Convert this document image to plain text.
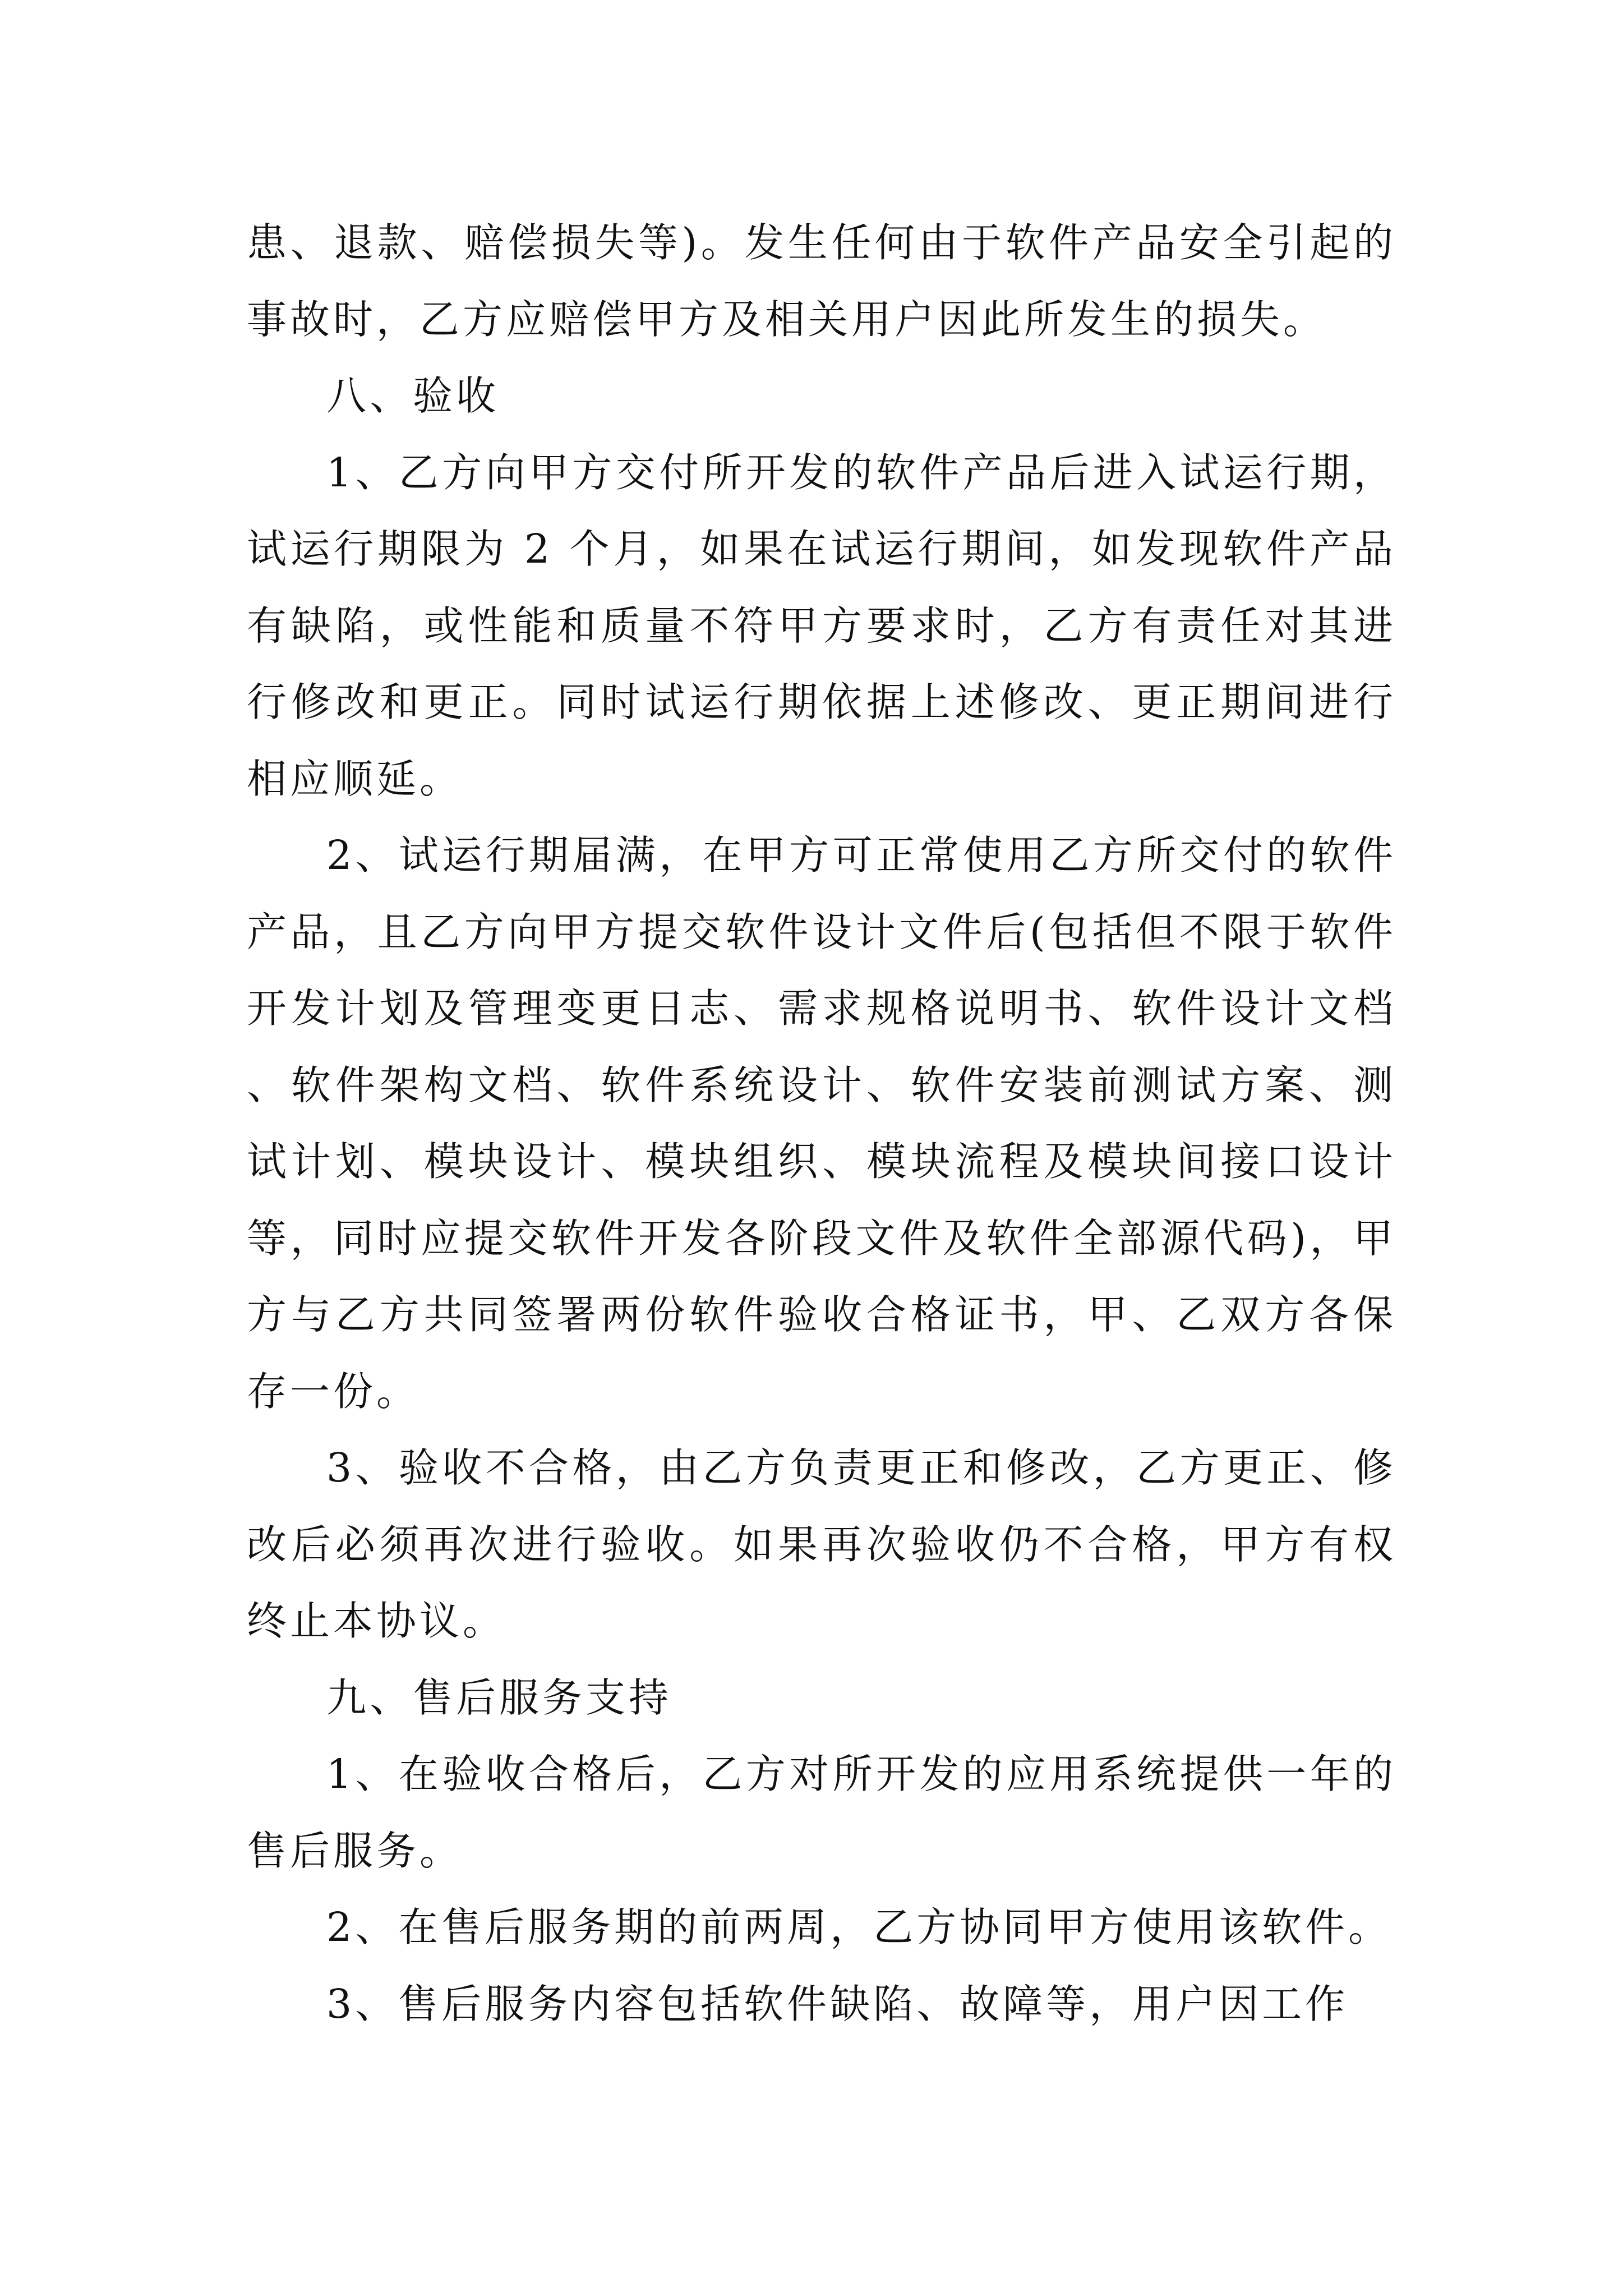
患、退款、赔偿损失等)。发生任何由于软件产品安全引起的事故时，乙方应赔偿甲方及相关用户因此所发生的损失。

八、验收

1、乙方向甲方交付所开发的软件产品后进入试运行期，试运行期限为 2 个月，如果在试运行期间，如发现软件产品有缺陷，或性能和质量不符甲方要求时，乙方有责任对其进行修改和更正。同时试运行期依据上述修改、更正期间进行相应顺延。

2、试运行期届满，在甲方可正常使用乙方所交付的软件产品，且乙方向甲方提交软件设计文件后(包括但不限于软件开发计划及管理变更日志、需求规格说明书、软件设计文档、软件架构文档、软件系统设计、软件安装前测试方案、测试计划、模块设计、模块组织、模块流程及模块间接口设计等，同时应提交软件开发各阶段文件及软件全部源代码)，甲方与乙方共同签署两份软件验收合格证书，甲、乙双方各保存一份。

3、验收不合格，由乙方负责更正和修改，乙方更正、修改后必须再次进行验收。如果再次验收仍不合格，甲方有权终止本协议。

九、售后服务支持

1、在验收合格后，乙方对所开发的应用系统提供一年的售后服务。

2、在售后服务期的前两周，乙方协同甲方使用该软件。

3、售后服务内容包括软件缺陷、故障等，用户因工作
